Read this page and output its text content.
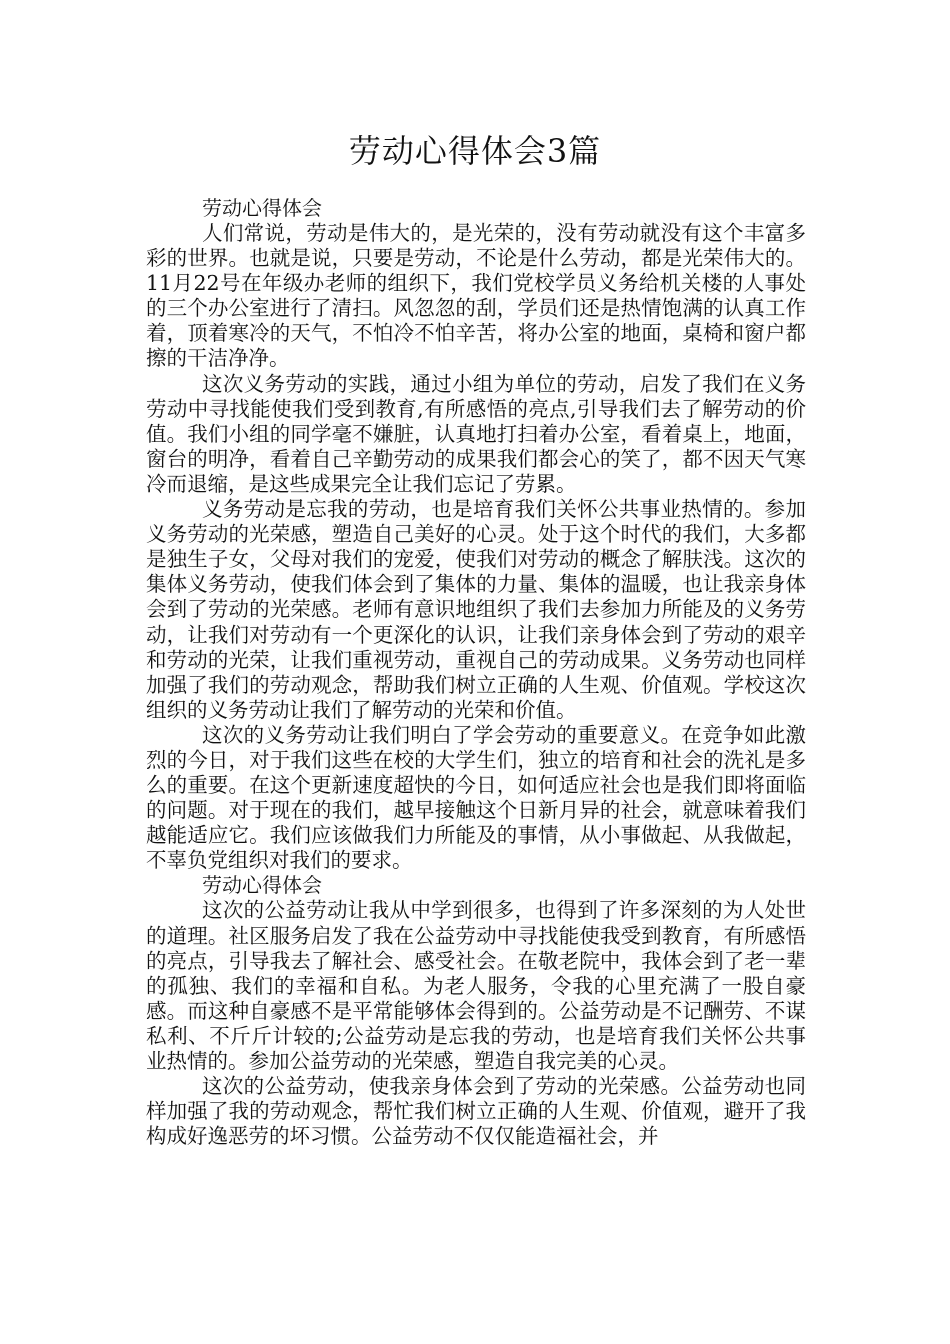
劳动心得体会3篇
劳动心得体会

人们常说，劳动是伟大的，是光荣的，没有劳动就没有这个丰富多彩的世界。也就是说，只要是劳动，不论是什么劳动，都是光荣伟大的。11月22号在年级办老师的组织下，我们党校学员义务给机关楼的人事处的三个办公室进行了清扫。风忽忽的刮，学员们还是热情饱满的认真工作着，顶着寒冷的天气，不怕冷不怕辛苦，将办公室的地面，桌椅和窗户都擦的干洁净净。

这次义务劳动的实践，通过小组为单位的劳动，启发了我们在义务劳动中寻找能使我们受到教育,有所感悟的亮点,引导我们去了解劳动的价值。我们小组的同学毫不嫌脏，认真地打扫着办公室，看着桌上，地面，窗台的明净，看着自己辛勤劳动的成果我们都会心的笑了，都不因天气寒冷而退缩，是这些成果完全让我们忘记了劳累。

义务劳动是忘我的劳动，也是培育我们关怀公共事业热情的。参加义务劳动的光荣感，塑造自己美好的心灵。处于这个时代的我们，大多都是独生子女，父母对我们的宠爱，使我们对劳动的概念了解肤浅。这次的集体义务劳动，使我们体会到了集体的力量、集体的温暖，也让我亲身体会到了劳动的光荣感。老师有意识地组织了我们去参加力所能及的义务劳动，让我们对劳动有一个更深化的认识，让我们亲身体会到了劳动的艰辛和劳动的光荣，让我们重视劳动，重视自己的劳动成果。义务劳动也同样加强了我们的劳动观念，帮助我们树立正确的人生观、价值观。学校这次组织的义务劳动让我们了解劳动的光荣和价值。

这次的义务劳动让我们明白了学会劳动的重要意义。在竞争如此激烈的今日，对于我们这些在校的大学生们，独立的培育和社会的洗礼是多么的重要。在这个更新速度超快的今日，如何适应社会也是我们即将面临的问题。对于现在的我们，越早接触这个日新月异的社会，就意味着我们越能适应它。我们应该做我们力所能及的事情，从小事做起、从我做起，不辜负党组织对我们的要求。

劳动心得体会

这次的公益劳动让我从中学到很多，也得到了许多深刻的为人处世的道理。社区服务启发了我在公益劳动中寻找能使我受到教育，有所感悟的亮点，引导我去了解社会、感受社会。在敬老院中，我体会到了老一辈的孤独、我们的幸福和自私。为老人服务，令我的心里充满了一股自豪感。而这种自豪感不是平常能够体会得到的。公益劳动是不记酬劳、不谋私利、不斤斤计较的;公益劳动是忘我的劳动，也是培育我们关怀公共事业热情的。参加公益劳动的光荣感，塑造自我完美的心灵。

这次的公益劳动，使我亲身体会到了劳动的光荣感。公益劳动也同样加强了我的劳动观念，帮忙我们树立正确的人生观、价值观，避开了我构成好逸恶劳的坏习惯。公益劳动不仅仅能造福社会，并
